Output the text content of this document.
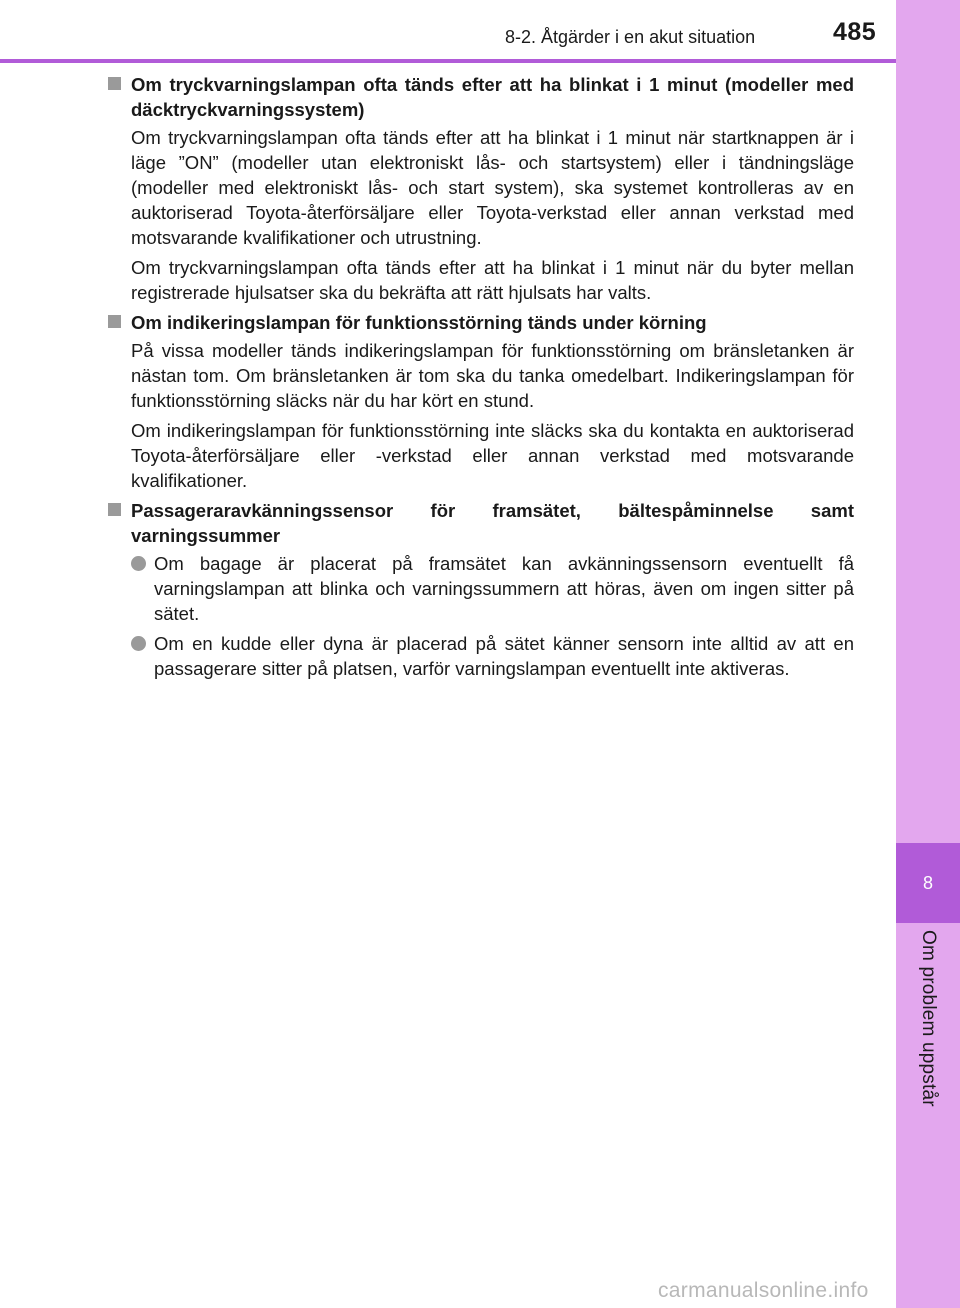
8
Om problem uppstår
8-2. Åtgärder i en akut situation	485
Om tryckvarningslampan ofta tänds efter att ha blinkat i 1 minut (modeller med däcktryckvarningssystem)
Om tryckvarningslampan ofta tänds efter att ha blinkat i 1 minut när startknappen är i läge ”ON” (modeller utan elektroniskt lås- och startsystem) eller i tändningsläge (modeller med elektroniskt lås- och start system), ska systemet kontrolleras av en auktoriserad Toyota-återförsäljare eller Toyota-verkstad eller annan verkstad med motsvarande kvalifikationer och utrustning.
Om tryckvarningslampan ofta tänds efter att ha blinkat i 1 minut när du byter mellan registrerade hjulsatser ska du bekräfta att rätt hjulsats har valts.
Om indikeringslampan för funktionsstörning tänds under körning
På vissa modeller tänds indikeringslampan för funktionsstörning om bränsletanken är nästan tom. Om bränsletanken är tom ska du tanka omedelbart. Indikeringslampan för funktionsstörning släcks när du har kört en stund.
Om indikeringslampan för funktionsstörning inte släcks ska du kontakta en auktoriserad Toyota-återförsäljare eller -verkstad eller annan verkstad med motsvarande kvalifikationer.
Passageraravkänningssensor för framsätet, bältespåminnelse samt varningssummer
Om bagage är placerat på framsätet kan avkänningssensorn eventuellt få varningslampan att blinka och varningssummern att höras, även om ingen sitter på sätet.
Om en kudde eller dyna är placerad på sätet känner sensorn inte alltid av att en passagerare sitter på platsen, varför varningslampan eventuellt inte aktiveras.
carmanualsonline.info
